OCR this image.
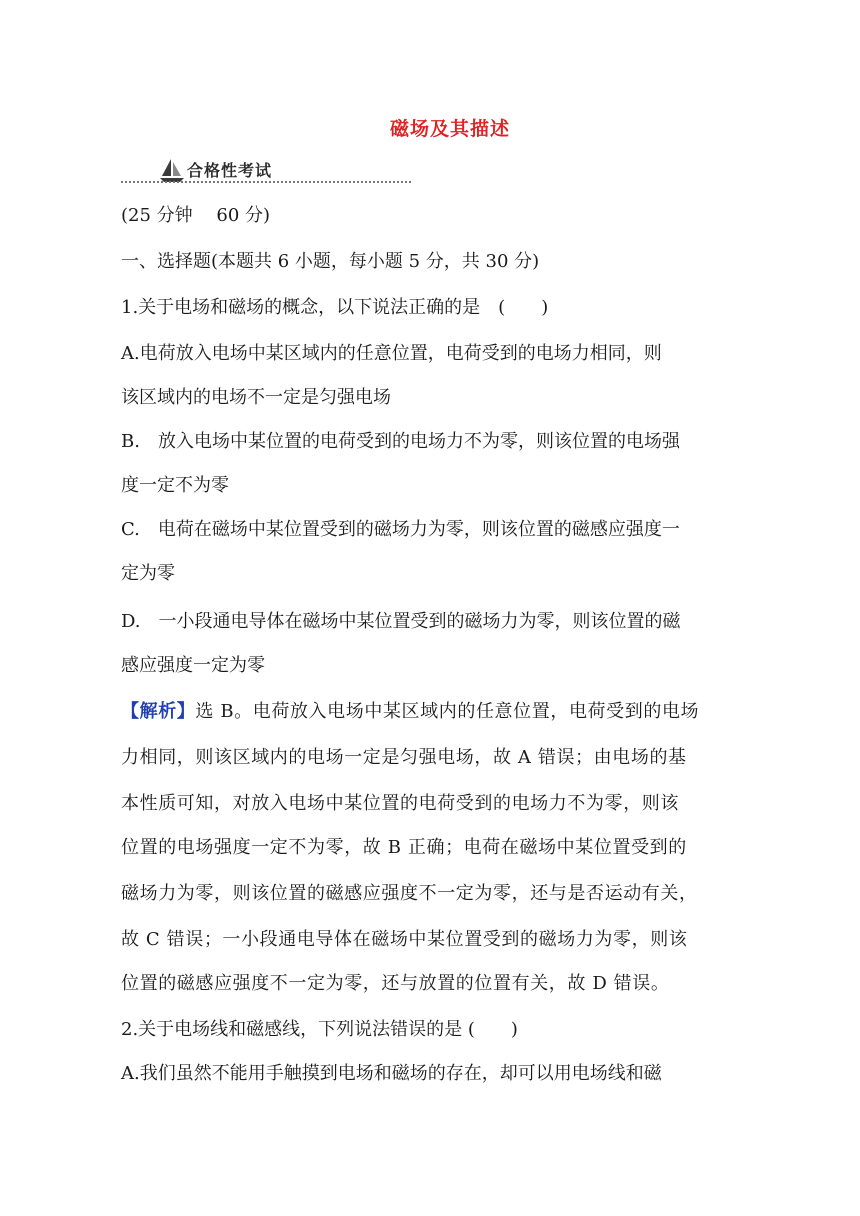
磁场及其描述
合格性考试
(25 分钟　 60 分)
一、选择题(本题共 6 小题，每小题 5 分，共 30 分)
1.关于电场和磁场的概念，以下说法正确的是　(　　)
A.电荷放入电场中某区域内的任意位置，电荷受到的电场力相同，则
该区域内的电场不一定是匀强电场
B.　放入电场中某位置的电荷受到的电场力不为零，则该位置的电场强
度一定不为零
C.　电荷在磁场中某位置受到的磁场力为零，则该位置的磁感应强度一
定为零
D.　一小段通电导体在磁场中某位置受到的磁场力为零，则该位置的磁
感应强度一定为零
【解析】选 B。电荷放入电场中某区域内的任意位置，电荷受到的电场
力相同，则该区域内的电场一定是匀强电场，故 A 错误；由电场的基
本性质可知，对放入电场中某位置的电荷受到的电场力不为零，则该
位置的电场强度一定不为零，故 B 正确；电荷在磁场中某位置受到的
磁场力为零，则该位置的磁感应强度不一定为零，还与是否运动有关，
故 C 错误；一小段通电导体在磁场中某位置受到的磁场力为零，则该
位置的磁感应强度不一定为零，还与放置的位置有关，故 D 错误。
2.关于电场线和磁感线，下列说法错误的是 (　　)
A.我们虽然不能用手触摸到电场和磁场的存在，却可以用电场线和磁
